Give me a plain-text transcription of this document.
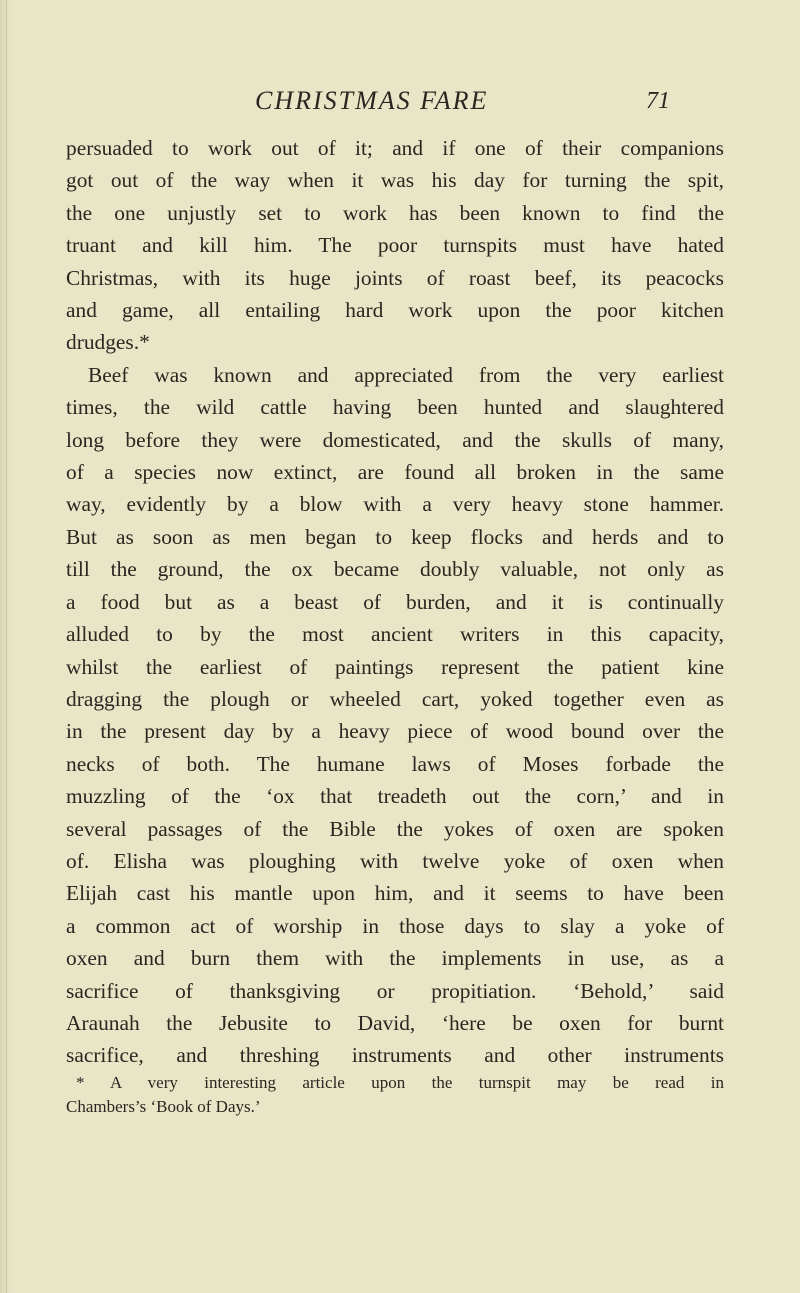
CHRISTMAS FARE	71
persuaded to work out of it; and if one of their companions
got out of the way when it was his day for turning the spit,
the one unjustly set to work has been known to find the
truant and kill him. The poor turnspits must have hated
Christmas, with its huge joints of roast beef, its peacocks
and game, all entailing hard work upon the poor kitchen
drudges.*
Beef was known and appreciated from the very earliest
times, the wild cattle having been hunted and slaughtered
long before they were domesticated, and the skulls of many,
of a species now extinct, are found all broken in the same
way, evidently by a blow with a very heavy stone hammer.
But as soon as men began to keep flocks and herds and to
till the ground, the ox became doubly valuable, not only as
a food but as a beast of burden, and it is continually
alluded to by the most ancient writers in this capacity,
whilst the earliest of paintings represent the patient kine
dragging the plough or wheeled cart, yoked together even as
in the present day by a heavy piece of wood bound over the
necks of both. The humane laws of Moses forbade the
muzzling of the ‘ox that treadeth out the corn,’ and in
several passages of the Bible the yokes of oxen are spoken
of. Elisha was ploughing with twelve yoke of oxen when
Elijah cast his mantle upon him, and it seems to have been
a common act of worship in those days to slay a yoke of
oxen and burn them with the implements in use, as a
sacrifice of thanksgiving or propitiation. ‘Behold,’ said
Araunah the Jebusite to David, ‘here be oxen for burnt
sacrifice, and threshing instruments and other instruments
* A very interesting article upon the turnspit may be read in
Chambers’s ‘Book of Days.’
